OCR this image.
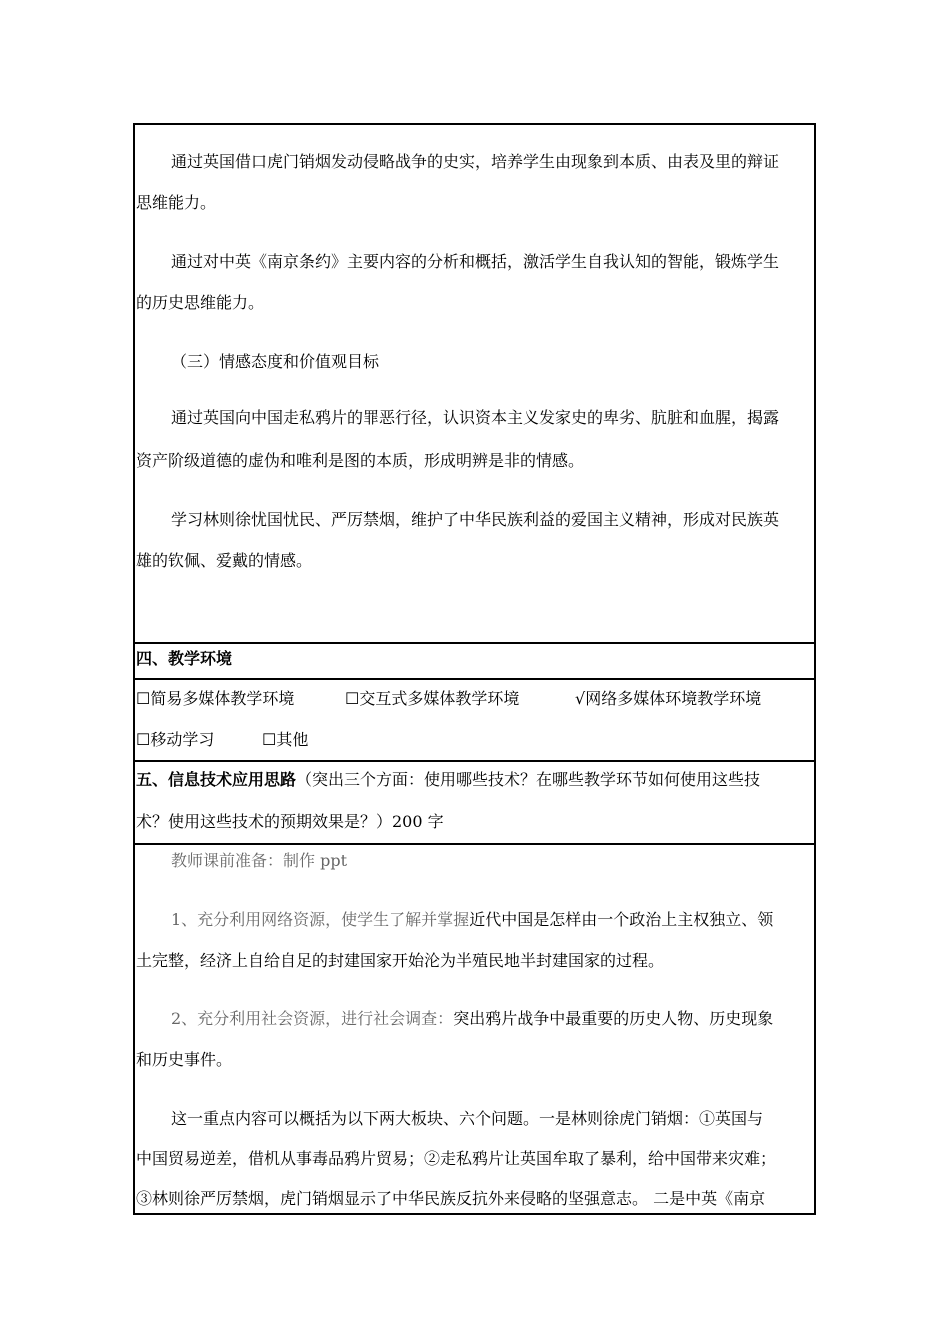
通过英国借口虎门销烟发动侵略战争的史实，培养学生由现象到本质、由表及里的辩证
思维能力。
通过对中英《南京条约》主要内容的分析和概括，激活学生自我认知的智能，锻炼学生
的历史思维能力。
（三）情感态度和价值观目标
通过英国向中国走私鸦片的罪恶行径，认识资本主义发家史的卑劣、肮脏和血腥，揭露
资产阶级道德的虚伪和唯利是图的本质，形成明辨是非的情感。
学习林则徐忧国忧民、严厉禁烟，维护了中华民族利益的爱国主义精神，形成对民族英
雄的钦佩、爱戴的情感。
四、教学环境
☐简易多媒体教学环境	☐交互式多媒体教学环境	√网络多媒体环境教学环境
☐移动学习	☐其他
五、信息技术应用思路（突出三个方面：使用哪些技术？在哪些教学环节如何使用这些技
术？使用这些技术的预期效果是？）200 字
教师课前准备：制作 ppt
1、充分利用网络资源，使学生了解并掌握近代中国是怎样由一个政治上主权独立、领
土完整，经济上自给自足的封建国家开始沦为半殖民地半封建国家的过程。
2、充分利用社会资源，进行社会调查：突出鸦片战争中最重要的历史人物、历史现象
和历史事件。
这一重点内容可以概括为以下两大板块、六个问题。一是林则徐虎门销烟：①英国与
中国贸易逆差，借机从事毒品鸦片贸易；②走私鸦片让英国牟取了暴利，给中国带来灾难；
③林则徐严厉禁烟，虎门销烟显示了中华民族反抗外来侵略的坚强意志。 二是中英《南京
